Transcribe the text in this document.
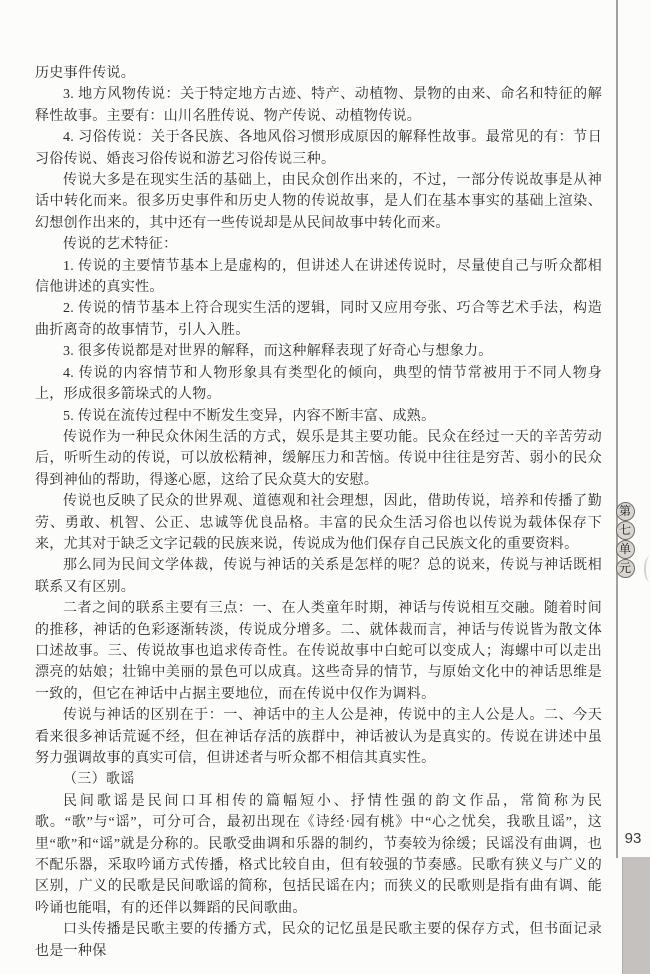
历史事件传说。

3. 地方风物传说：关于特定地方古迹、特产、动植物、景物的由来、命名和特征的解释性故事。主要有：山川名胜传说、物产传说、动植物传说。

4. 习俗传说：关于各民族、各地风俗习惯形成原因的解释性故事。最常见的有：节日习俗传说、婚丧习俗传说和游艺习俗传说三种。

传说大多是在现实生活的基础上，由民众创作出来的，不过，一部分传说故事是从神话中转化而来。很多历史事件和历史人物的传说故事，是人们在基本事实的基础上渲染、幻想创作出来的，其中还有一些传说却是从民间故事中转化而来。

传说的艺术特征：

1. 传说的主要情节基本上是虚构的，但讲述人在讲述传说时，尽量使自己与听众都相信他讲述的真实性。

2. 传说的情节基本上符合现实生活的逻辑，同时又应用夸张、巧合等艺术手法，构造曲折离奇的故事情节，引人入胜。

3. 很多传说都是对世界的解释，而这种解释表现了好奇心与想象力。

4. 传说的内容情节和人物形象具有类型化的倾向，典型的情节常被用于不同人物身上，形成很多箭垛式的人物。

5. 传说在流传过程中不断发生变异，内容不断丰富、成熟。

传说作为一种民众休闲生活的方式，娱乐是其主要功能。民众在经过一天的辛苦劳动后，听听生动的传说，可以放松精神，缓解压力和苦恼。传说中往往是穷苦、弱小的民众得到神仙的帮助，得遂心愿，这给了民众莫大的安慰。

传说也反映了民众的世界观、道德观和社会理想，因此，借助传说，培养和传播了勤劳、勇敢、机智、公正、忠诚等优良品格。丰富的民众生活习俗也以传说为载体保存下来，尤其对于缺乏文字记载的民族来说，传说成为他们保存自己民族文化的重要资料。

那么同为民间文学体裁，传说与神话的关系是怎样的呢？总的说来，传说与神话既相联系又有区别。

二者之间的联系主要有三点：一、在人类童年时期，神话与传说相互交融。随着时间的推移，神话的色彩逐渐转淡，传说成分增多。二、就体裁而言，神话与传说皆为散文体口述故事。三、传说故事也追求传奇性。在传说故事中白蛇可以变成人；海螺中可以走出漂亮的姑娘；壮锦中美丽的景色可以成真。这些奇异的情节，与原始文化中的神话思维是一致的，但它在神话中占据主要地位，而在传说中仅作为调料。

传说与神话的区别在于：一、神话中的主人公是神，传说中的主人公是人。二、今天看来很多神话荒诞不经，但在神话存活的族群中，神话被认为是真实的。传说在讲述中虽努力强调故事的真实可信，但讲述者与听众都不相信其真实性。

（三）歌谣

民间歌谣是民间口耳相传的篇幅短小、抒情性强的韵文作品，常简称为民歌。“歌”与“谣”，可分可合，最初出现在《诗经·园有桃》中“心之忧矣，我歌且谣”，这里“歌”和“谣”就是分称的。民歌受曲调和乐器的制约，节奏较为徐缓；民谣没有曲调，也不配乐器，采取吟诵方式传播，格式比较自由，但有较强的节奏感。民歌有狭义与广义的区别，广义的民歌是民间歌谣的简称，包括民谣在内；而狭义的民歌则是指有曲有调、能吟诵也能唱，有的还伴以舞蹈的民间歌曲。

口头传播是民歌主要的传播方式，民众的记忆虽是民歌主要的保存方式，但书面记录也是一种保

第
七
单
元
93
